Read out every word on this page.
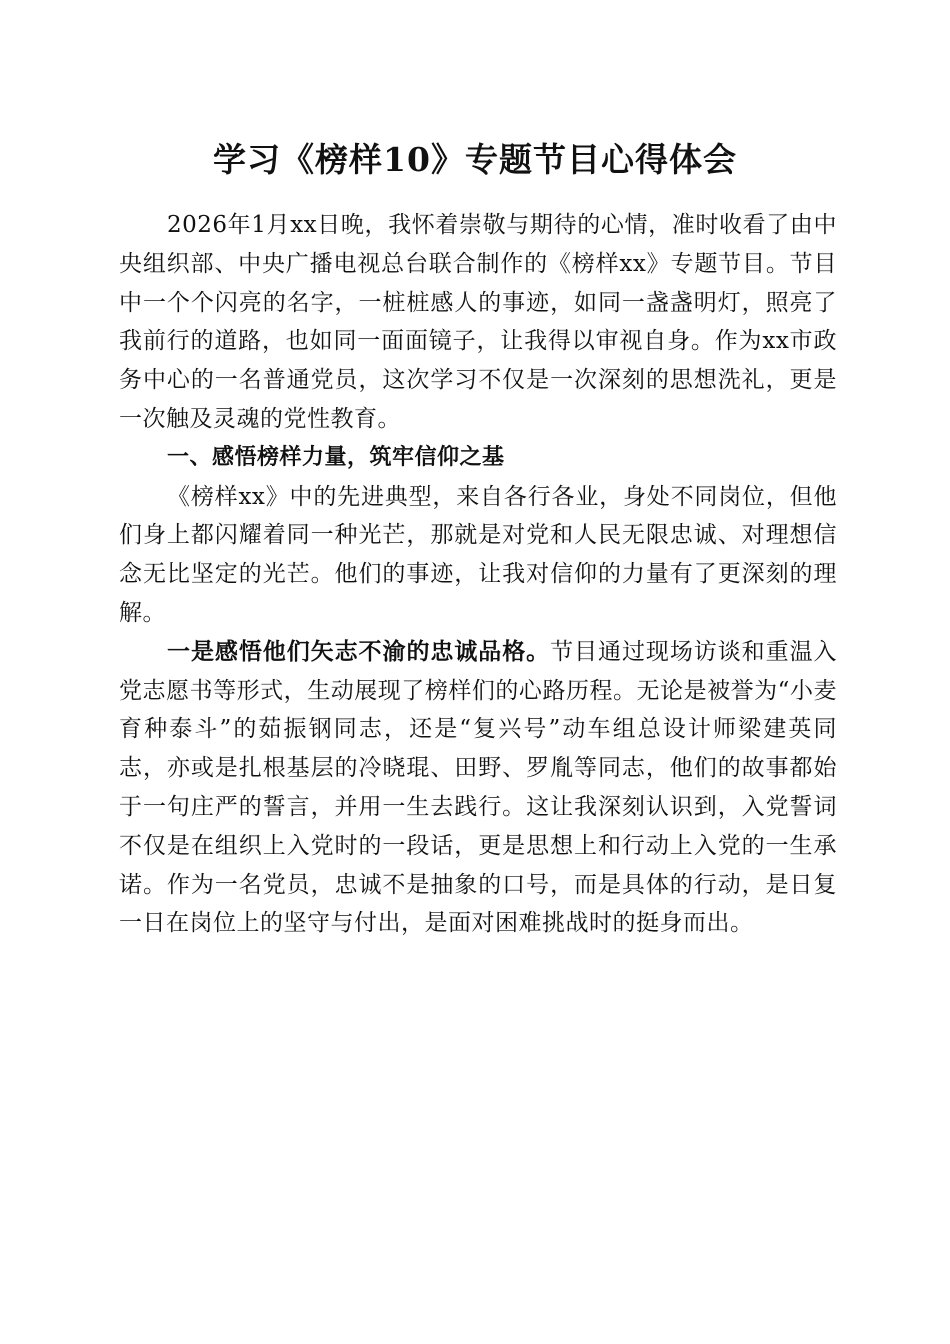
学习《榜样10》专题节目心得体会

2026年1月xx日晚，我怀着崇敬与期待的心情，准时收看了由中央组织部、中央广播电视总台联合制作的《榜样xx》专题节目。节目中一个个闪亮的名字，一桩桩感人的事迹，如同一盏盏明灯，照亮了我前行的道路，也如同一面面镜子，让我得以审视自身。作为xx市政务中心的一名普通党员，这次学习不仅是一次深刻的思想洗礼，更是一次触及灵魂的党性教育。

一、感悟榜样力量，筑牢信仰之基

《榜样xx》中的先进典型，来自各行各业，身处不同岗位，但他们身上都闪耀着同一种光芒，那就是对党和人民无限忠诚、对理想信念无比坚定的光芒。他们的事迹，让我对信仰的力量有了更深刻的理解。

一是感悟他们矢志不渝的忠诚品格。节目通过现场访谈和重温入党志愿书等形式，生动展现了榜样们的心路历程。无论是被誉为“小麦育种泰斗”的茹振钢同志，还是“复兴号”动车组总设计师梁建英同志，亦或是扎根基层的冷晓琨、田野、罗胤等同志，他们的故事都始于一句庄严的誓言，并用一生去践行。这让我深刻认识到，入党誓词不仅是在组织上入党时的一段话，更是思想上和行动上入党的一生承诺。作为一名党员，忠诚不是抽象的口号，而是具体的行动，是日复一日在岗位上的坚守与付出，是面对困难挑战时的挺身而出。
